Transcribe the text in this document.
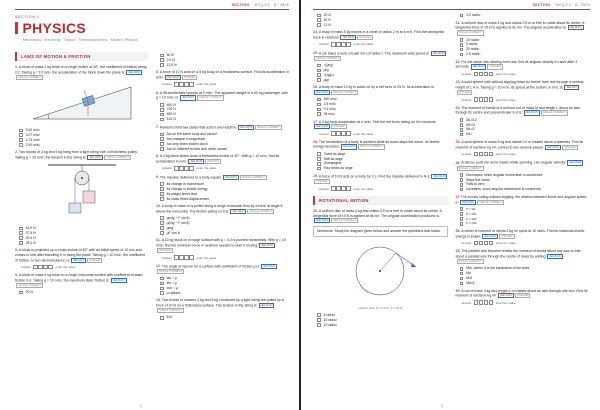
SECTION MCQ/C3 · 8 / 2509
SECTION 1
PHYSICS
Mechanics · Electricity · Optics · Thermodynamics · Modern Physics
LAWS OF MOTION & FRICTION
1.A block of mass 2 kg rests on a rough incline of 30°, the coefficient of friction being 0.2. Taking g = 10 m/s², the acceleration of the block down the plane is: JEE MAINSINGLE CORRECT
5.00 m/s²
3.27 m/s²
1.73 m/s²
2.00 m/s²
2.Two blocks of 3 kg and 5 kg hang from a light string over a frictionless pulley. Taking g = 10 m/s², the tension in the string is: JEE MAIN SINGLE CORRECT
42.0 N
37.5 N
20.0 N
25.0 N
3.A block is projected up a rough incline of 45° with an initial speed of 10 m/s and comes to rest after travelling 5 m along the plane. Taking g = 10 m/s², the coefficient of friction, to two decimal places, is: JEE ADV INTEGER
Answer	enter the value
4.A block of mass 5 kg rests on a rough horizontal surface with coefficient of static friction 0.4. Taking g = 10 m/s², the maximum static friction is: JEE MAINSINGLE CORRECT
20 N
50 N
2.0 N
12.5 N
5.A force of 10 N acts on a 5 kg body on a frictionless surface. Find its acceleration in m/s²: JEE MAIN INTEGER
Answer	enter the value
6.A lift accelerates upward at 2 m/s². The apparent weight of a 60 kg passenger, with g = 10 m/s², is: JEE MAIN SINGLE CORRECT
600 N
720 N
480 N
120 N
7.Newton's third law states that action and reaction: JEE MAIN SINGLE CORRECT
Act on the same body and cancel
Are unequal in magnitude
Act only when bodies touch
Act on different bodies and never cancel
8.A 2 kg block slides down a frictionless incline of 30°. With g = 10 m/s², find its acceleration in m/s²: JEE MAIN INTEGER
Answer	enter the value
9.The impulse delivered to a body equals: JEE MAIN SINGLE CORRECT
Its change in momentum
Its change in kinetic energy
Its weight times time
Its mass times displacement
10.A body of mass m is pulled along a rough horizontal floor by a force at angle θ above the horizontal. The friction acting on it is: JEE MAIN SINGLE CORRECT
μ(mg + F sin θ)
μ(mg − F sin θ)
μmg
μF cos θ
11.A 10 kg block on a rough surface with μ = 0.3 is pushed horizontally. With g = 10 m/s², find the minimum force in newtons needed to start it moving: JEE MAININTEGER
Answer	enter the value
12.The angle of repose for a surface with coefficient of friction μ is: JEE MAINSINGLE CORRECT
tan⁻¹ μ
sin⁻¹ μ
cos⁻¹ μ
μ radians
13.Two blocks of masses 4 kg and 6 kg connected by a light string are pulled by a force of 20 N on a frictionless surface. The tension in the string is: JEE MAINSINGLE CORRECT
8 N
1
SECTION MCQ/C3 · 8 / 2509
20 N
10 N
12 N
14.A body of mass 5 kg moves in a circle of radius 2 m at 4 m/s. Find the centripetal force in newtons: JEE MAIN INTEGER
Answer	enter the value
15.A car takes a level circular turn of radius r. The maximum safe speed is: JEE MAINSINGLE CORRECT
√(μrg)
μrg
√(rg/μ)
μg/r
16.A body of mass 10 kg is acted on by a net force of 25 N. Its acceleration is:JEE MAIN SINGLE CORRECT
250 m/s²
2.5 m/s²
0.4 m/s²
35 m/s²
17.A 3 kg body accelerates at 4 m/s². Find the net force acting on it in newtons:JEE MAIN INTEGER
Answer	enter the value
18.The momentum of a body is doubled while its mass stays the same. Its kinetic energy becomes: JEE MAIN SINGLE CORRECT
Twice as large
Half as large
Unchanged
Four times as large
19.A force of 10 N acts on a body for 3 s. Find the impulse delivered in N·s: JEE MAININTEGER
Answer	enter the value
ROTATIONAL MOTION
20.A uniform disc of mass 4 kg and radius 0.5 m is free to rotate about its centre. A tangential force of 10 N is applied at its rim. The angular acceleration produced is:JEE MAIN SINGLE CORRECT
Directions: Study the diagram given below and answer the questions that follow.
uniform disc, R = 0.5 m, F = 10 N
5 rad/s²
10 rad/s²
20 rad/s²
2.5 rad/s²
21.A uniform disc of mass 4 kg and radius 0.5 m is free to rotate about its centre. A tangential force of 10 N is applied at its rim. The angular acceleration is: JEE MAINSINGLE CORRECT
10 rad/s²
5 rad/s²
20 rad/s²
2.5 rad/s²
22.For the same disc starting from rest, find its angular velocity in rad/s after 3 seconds: JEE MAIN INTEGER
Answer	enter the value
23.A solid sphere rolls without slipping down an incline from rest through a vertical height of 1.4 m. Taking g = 10 m/s², its speed at the bottom, in m/s, is: JEE ADVINTEGER
Answer	enter the value
24.The moment of inertia of a uniform rod of mass M and length L about an axis through its centre and perpendicular to it is: JEE MAIN SINGLE CORRECT
ML²/12
ML²/3
ML²/2
ML²
25.A solid sphere of mass 5 kg and radius 0.2 m rotates about a diameter. Find its moment of inertia in kg m², correct to two decimal places: JEE MAIN INTEGER
Answer	enter the value
26.A dancer pulls her arms inward while spinning. Her angular velocity: JEE MAINSINGLE CORRECT
Decreases, since angular momentum is conserved
Stays the same
Falls to zero
Increases, since angular momentum is conserved
27.For a body rolling without slipping, the relation between linear and angular speed is: JEE MAIN SINGLE CORRECT
v = ωr
v = ω/r
v = ω²r
v = r/ω
28.A wheel of moment of inertia 2 kg m² spins at 10 rad/s. Find its rotational kinetic energy in joules: JEE MAIN INTEGER
Answer	enter the value
29.The parallel-axis theorem relates the moment of inertia about any axis to that about a parallel axis through the centre of mass by adding: JEE MAINSINGLE CORRECT
Md², where d is the separation of the axes
Md
M²d
Md²/2
30.A rod of mass 3 kg and length 2 m rotates about an axis through one end. Find its moment of inertia in kg m²: JEE MAIN INTEGER
Answer	enter the value
2
